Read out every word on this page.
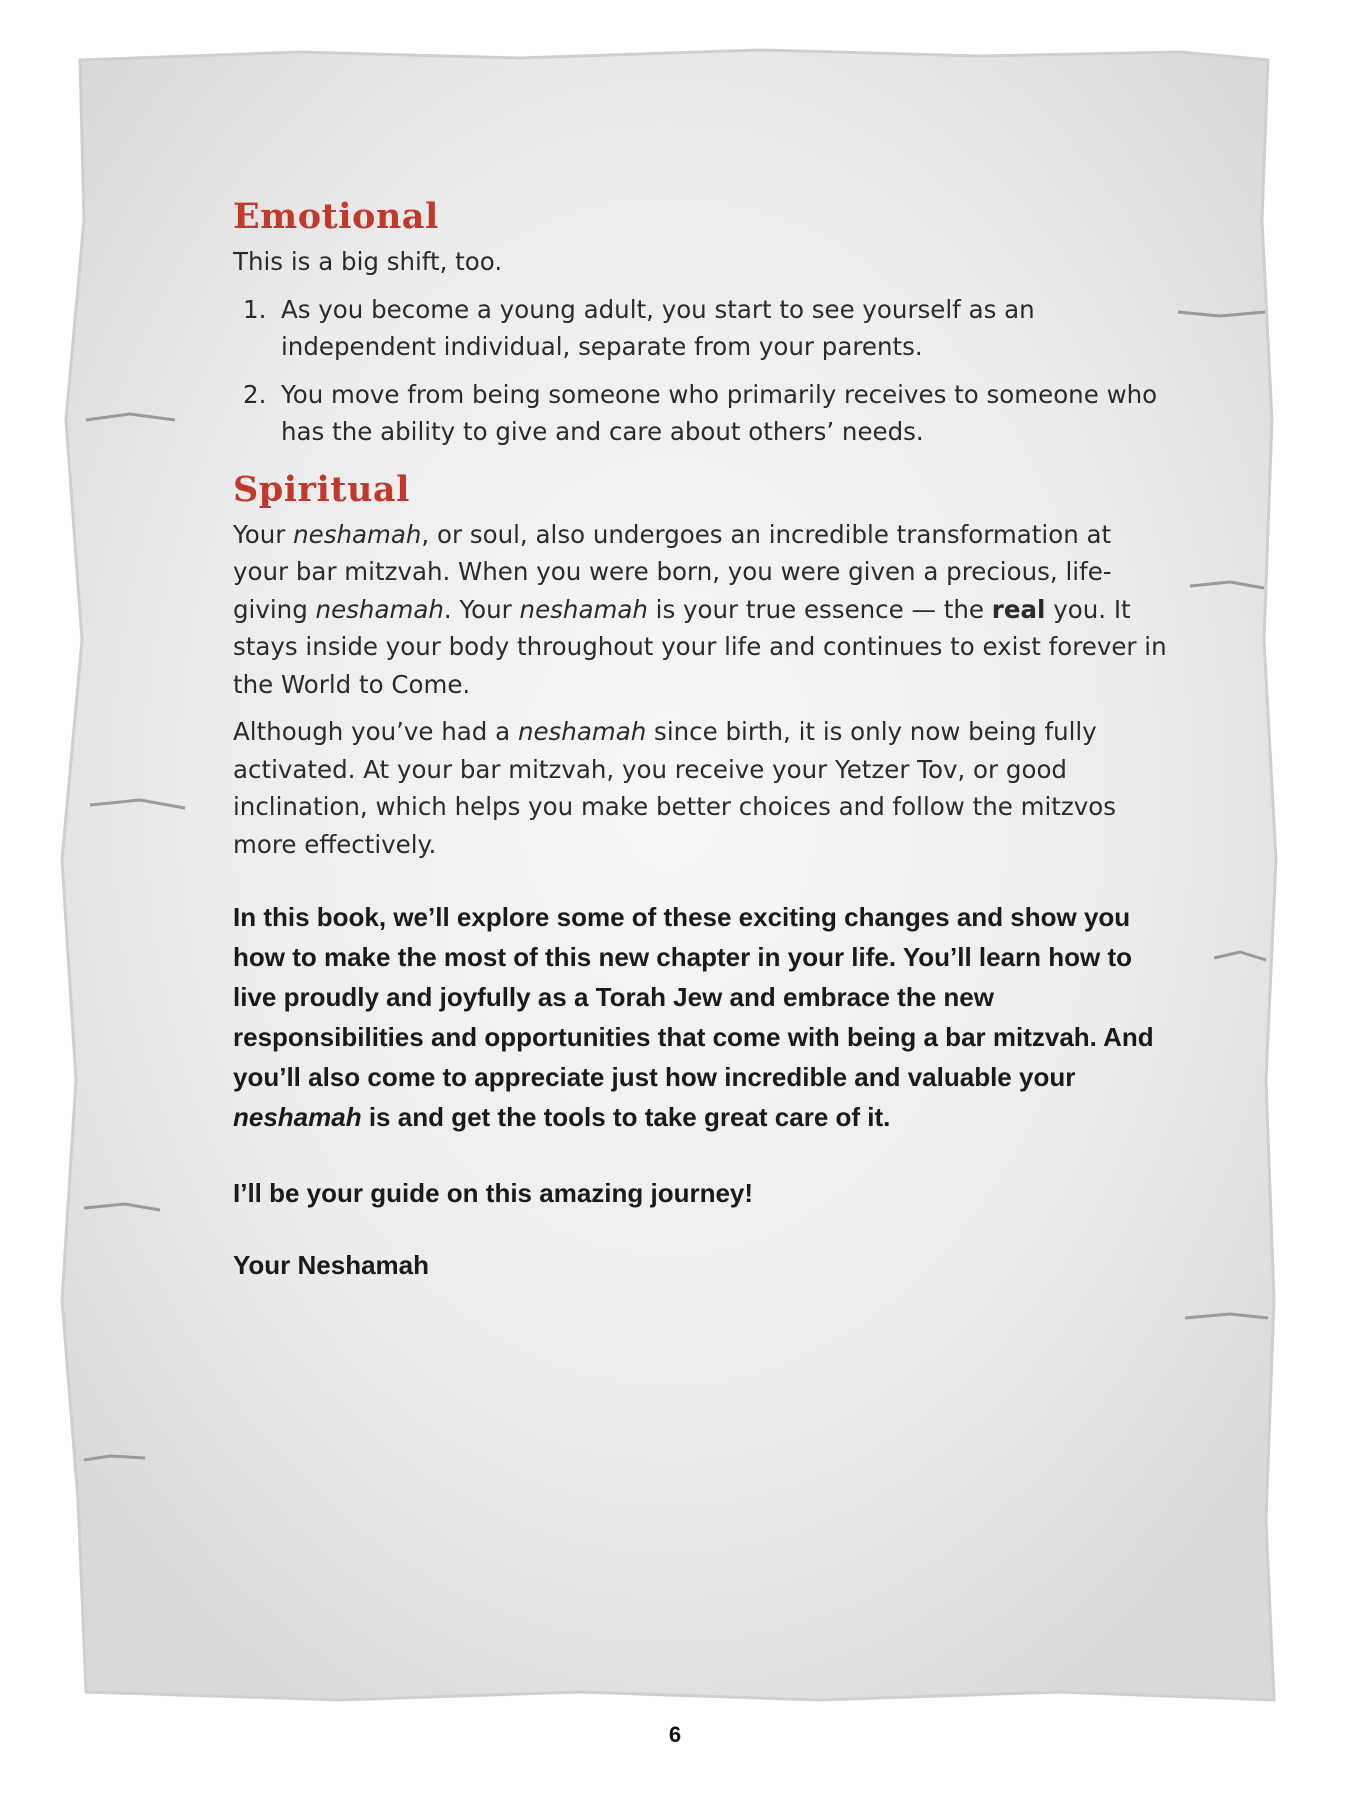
Emotional

This is a big shift, too.

1. As you become a young adult, you start to see yourself as an independent individual, separate from your parents.
2. You move from being someone who primarily receives to someone who has the ability to give and care about others’ needs.
Spiritual

Your neshamah, or soul, also undergoes an incredible transformation at your bar mitzvah. When you were born, you were given a precious, life-giving neshamah. Your neshamah is your true essence — the real you. It stays inside your body throughout your life and continues to exist forever in the World to Come.

Although you’ve had a neshamah since birth, it is only now being fully activated. At your bar mitzvah, you receive your Yetzer Tov, or good inclination, which helps you make better choices and follow the mitzvos more effectively.

In this book, we’ll explore some of these exciting changes and show you how to make the most of this new chapter in your life. You’ll learn how to live proudly and joyfully as a Torah Jew and embrace the new responsibilities and opportunities that come with being a bar mitzvah. And you’ll also come to appreciate just how incredible and valuable your neshamah is and get the tools to take great care of it.

I’ll be your guide on this amazing journey!

Your Neshamah

6
